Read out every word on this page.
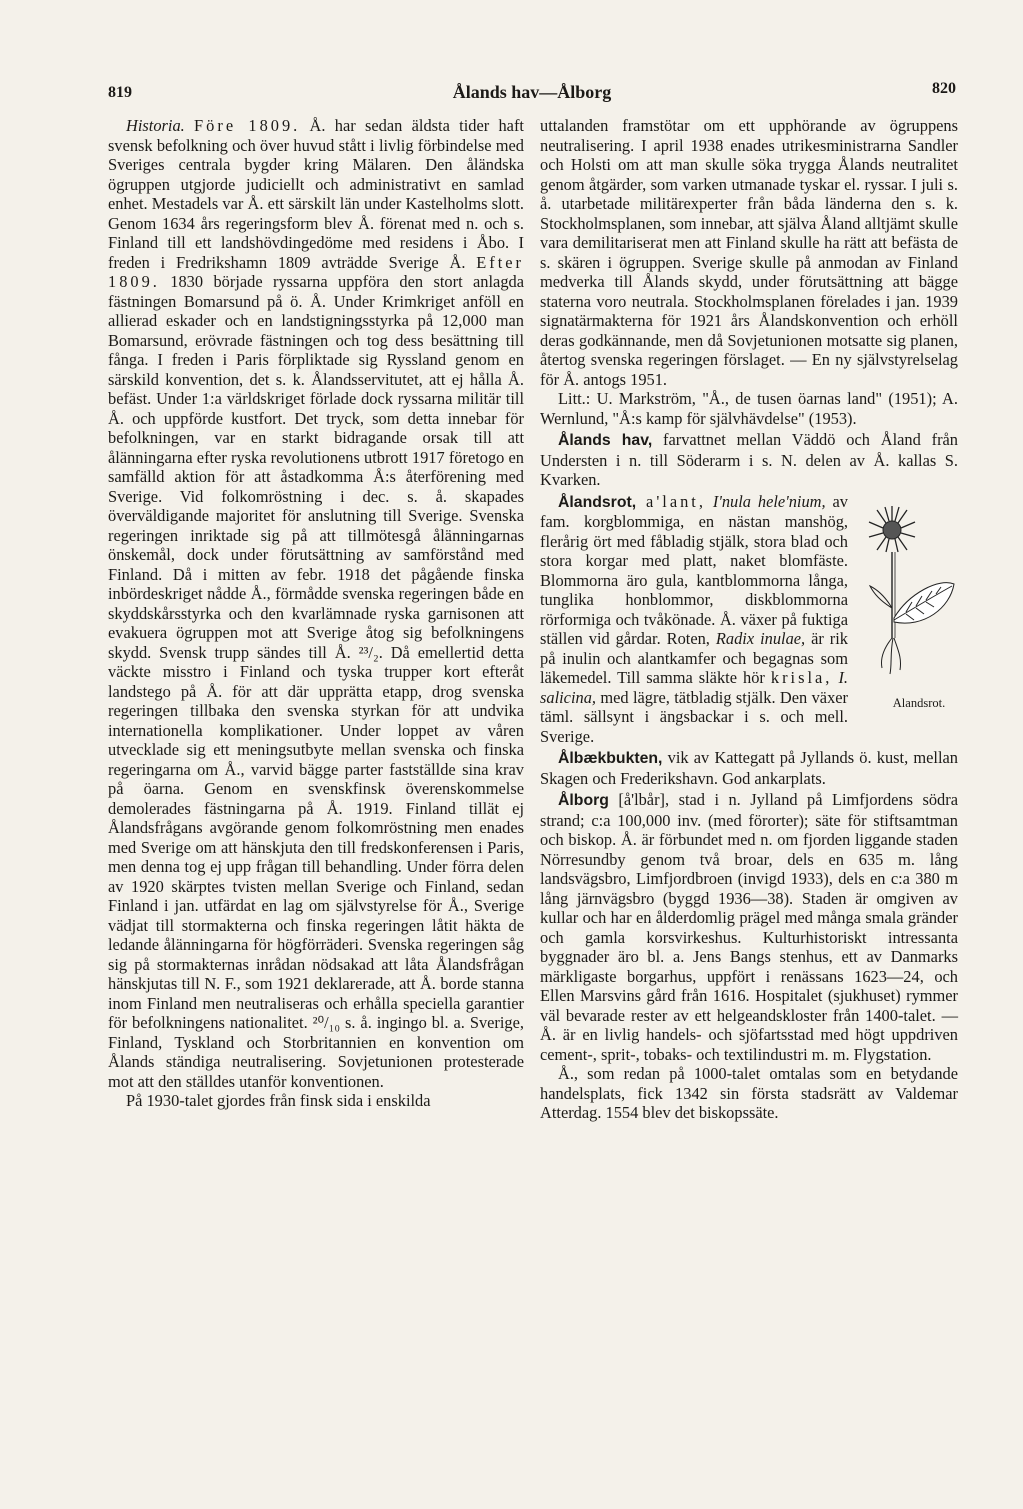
819	Ålands hav—Ålborg	820

Historia. Före 1809. Å. har sedan äldsta tider haft svensk befolkning och över huvud stått i livlig förbindelse med Sveriges centrala bygder kring Mälaren. Den åländska ögruppen utgjorde judiciellt och administrativt en samlad enhet. Mestadels var Å. ett särskilt län under Kastelholms slott. Genom 1634 års regeringsform blev Å. förenat med n. och s. Finland till ett landshövdingedöme med residens i Åbo. I freden i Fredrikshamn 1809 avträdde Sverige Å. Efter 1809. 1830 började ryssarna uppföra den stort anlagda fästningen Bomarsund på ö. Å. Under Krimkriget anföll en allierad eskader och en landstigningsstyrka på 12,000 man Bomarsund, erövrade fästningen och tog dess besättning till fånga. I freden i Paris förpliktade sig Ryssland genom en särskild konvention, det s. k. Ålandsservitutet, att ej hålla Å. befäst. Under 1:a världskriget förlade dock ryssarna militär till Å. och uppförde kustfort. Det tryck, som detta innebar för befolkningen, var en starkt bidragande orsak till att ålänningarna efter ryska revolutionens utbrott 1917 företogo en samfälld aktion för att åstadkomma Å:s återförening med Sverige. Vid folkomröstning i dec. s. å. skapades överväldigande majoritet för anslutning till Sverige. Svenska regeringen inriktade sig på att tillmötesgå ålänningarnas önskemål, dock under förutsättning av samförstånd med Finland. Då i mitten av febr. 1918 det pågående finska inbördeskriget nådde Å., förmådde svenska regeringen både en skyddskårsstyrka och den kvarlämnade ryska garnisonen att evakuera ögruppen mot att Sverige åtog sig befolkningens skydd. Svensk trupp sändes till Å. ²³/₂. Då emellertid detta väckte misstro i Finland och tyska trupper kort efteråt landstego på Å. för att där upprätta etapp, drog svenska regeringen tillbaka den svenska styrkan för att undvika internationella komplikationer. Under loppet av våren utvecklade sig ett meningsutbyte mellan svenska och finska regeringarna om Å., varvid bägge parter fastställde sina krav på öarna. Genom en svenskfinsk överenskommelse demolerades fästningarna på Å. 1919. Finland tillät ej Ålandsfrågans avgörande genom folkomröstning men enades med Sverige om att hänskjuta den till fredskonferensen i Paris, men denna tog ej upp frågan till behandling. Under förra delen av 1920 skärptes tvisten mellan Sverige och Finland, sedan Finland i jan. utfärdat en lag om självstyrelse för Å., Sverige vädjat till stormakterna och finska regeringen låtit häkta de ledande ålänningarna för högförräderi. Svenska regeringen såg sig på stormakternas inrådan nödsakad att låta Ålandsfrågan hänskjutas till N. F., som 1921 deklarerade, att Å. borde stanna inom Finland men neutraliseras och erhålla speciella garantier för befolkningens nationalitet. ²⁰/₁₀ s. å. ingingo bl. a. Sverige, Finland, Tyskland och Storbritannien en konvention om Ålands ständiga neutralisering. Sovjetunionen protesterade mot att den ställdes utanför konventionen.

På 1930-talet gjordes från finsk sida i enskilda

uttalanden framstötar om ett upphörande av ögruppens neutralisering. I april 1938 enades utrikesministrarna Sandler och Holsti om att man skulle söka trygga Ålands neutralitet genom åtgärder, som varken utmanade tyskar el. ryssar. I juli s. å. utarbetade militärexperter från båda länderna den s. k. Stockholmsplanen, som innebar, att själva Åland alltjämt skulle vara demilitariserat men att Finland skulle ha rätt att befästa de s. skären i ögruppen. Sverige skulle på anmodan av Finland medverka till Ålands skydd, under förutsättning att bägge staterna voro neutrala. Stockholmsplanen förelades i jan. 1939 signatärmakterna för 1921 års Ålandskonvention och erhöll deras godkännande, men då Sovjetunionen motsatte sig planen, återtog svenska regeringen förslaget. — En ny självstyrelselag för Å. antogs 1951.

Litt.: U. Markström, "Å., de tusen öarnas land" (1951); A. Wernlund, "Å:s kamp för självhävdelse" (1953).

Ålands hav, farvattnet mellan Väddö och Åland från Understen i n. till Söderarm i s. N. delen av Å. kallas S. Kvarken.

Ålandsrot, a'lant, I'nula hele'nium,
Alandsrot.
av fam. korgblommiga, en nästan manshög, flerårig ört med fåbladig stjälk, stora blad och stora korgar med platt, naket blomfäste. Blommorna äro gula, kantblommorna långa, tunglika honblommor, diskblommorna rörformiga och tvåkönade. Å. växer på fuktiga ställen vid gårdar. Roten, Radix inulae, är rik på inulin och alantkamfer och begagnas som läkemedel. Till samma släkte hör krisla, I. salicina, med lägre, tätbladig stjälk. Den växer täml. sällsynt i ängsbackar i s. och mell. Sverige.

Ålbækbukten, vik av Kattegatt på Jyllands ö. kust, mellan Skagen och Frederikshavn. God ankarplats.

Ålborg [å'lbår], stad i n. Jylland på Limfjordens södra strand; c:a 100,000 inv. (med förorter); säte för stiftsamtman och biskop. Å. är förbundet med n. om fjorden liggande staden Nörresundby genom två broar, dels en 635 m. lång landsvägsbro, Limfjordbroen (invigd 1933), dels en c:a 380 m lång järnvägsbro (byggd 1936—38). Staden är omgiven av kullar och har en ålderdomlig prägel med många smala gränder och gamla korsvirkeshus. Kulturhistoriskt intressanta byggnader äro bl. a. Jens Bangs stenhus, ett av Danmarks märkligaste borgarhus, uppfört i renässans 1623—24, och Ellen Marsvins gård från 1616. Hospitalet (sjukhuset) rymmer väl bevarade rester av ett helgeandskloster från 1400-talet. — Å. är en livlig handels- och sjöfartsstad med högt uppdriven cement-, sprit-, tobaks- och textilindustri m. m. Flygstation.

Å., som redan på 1000-talet omtalas som en betydande handelsplats, fick 1342 sin första stadsrätt av Valdemar Atterdag. 1554 blev det biskopssäte.
